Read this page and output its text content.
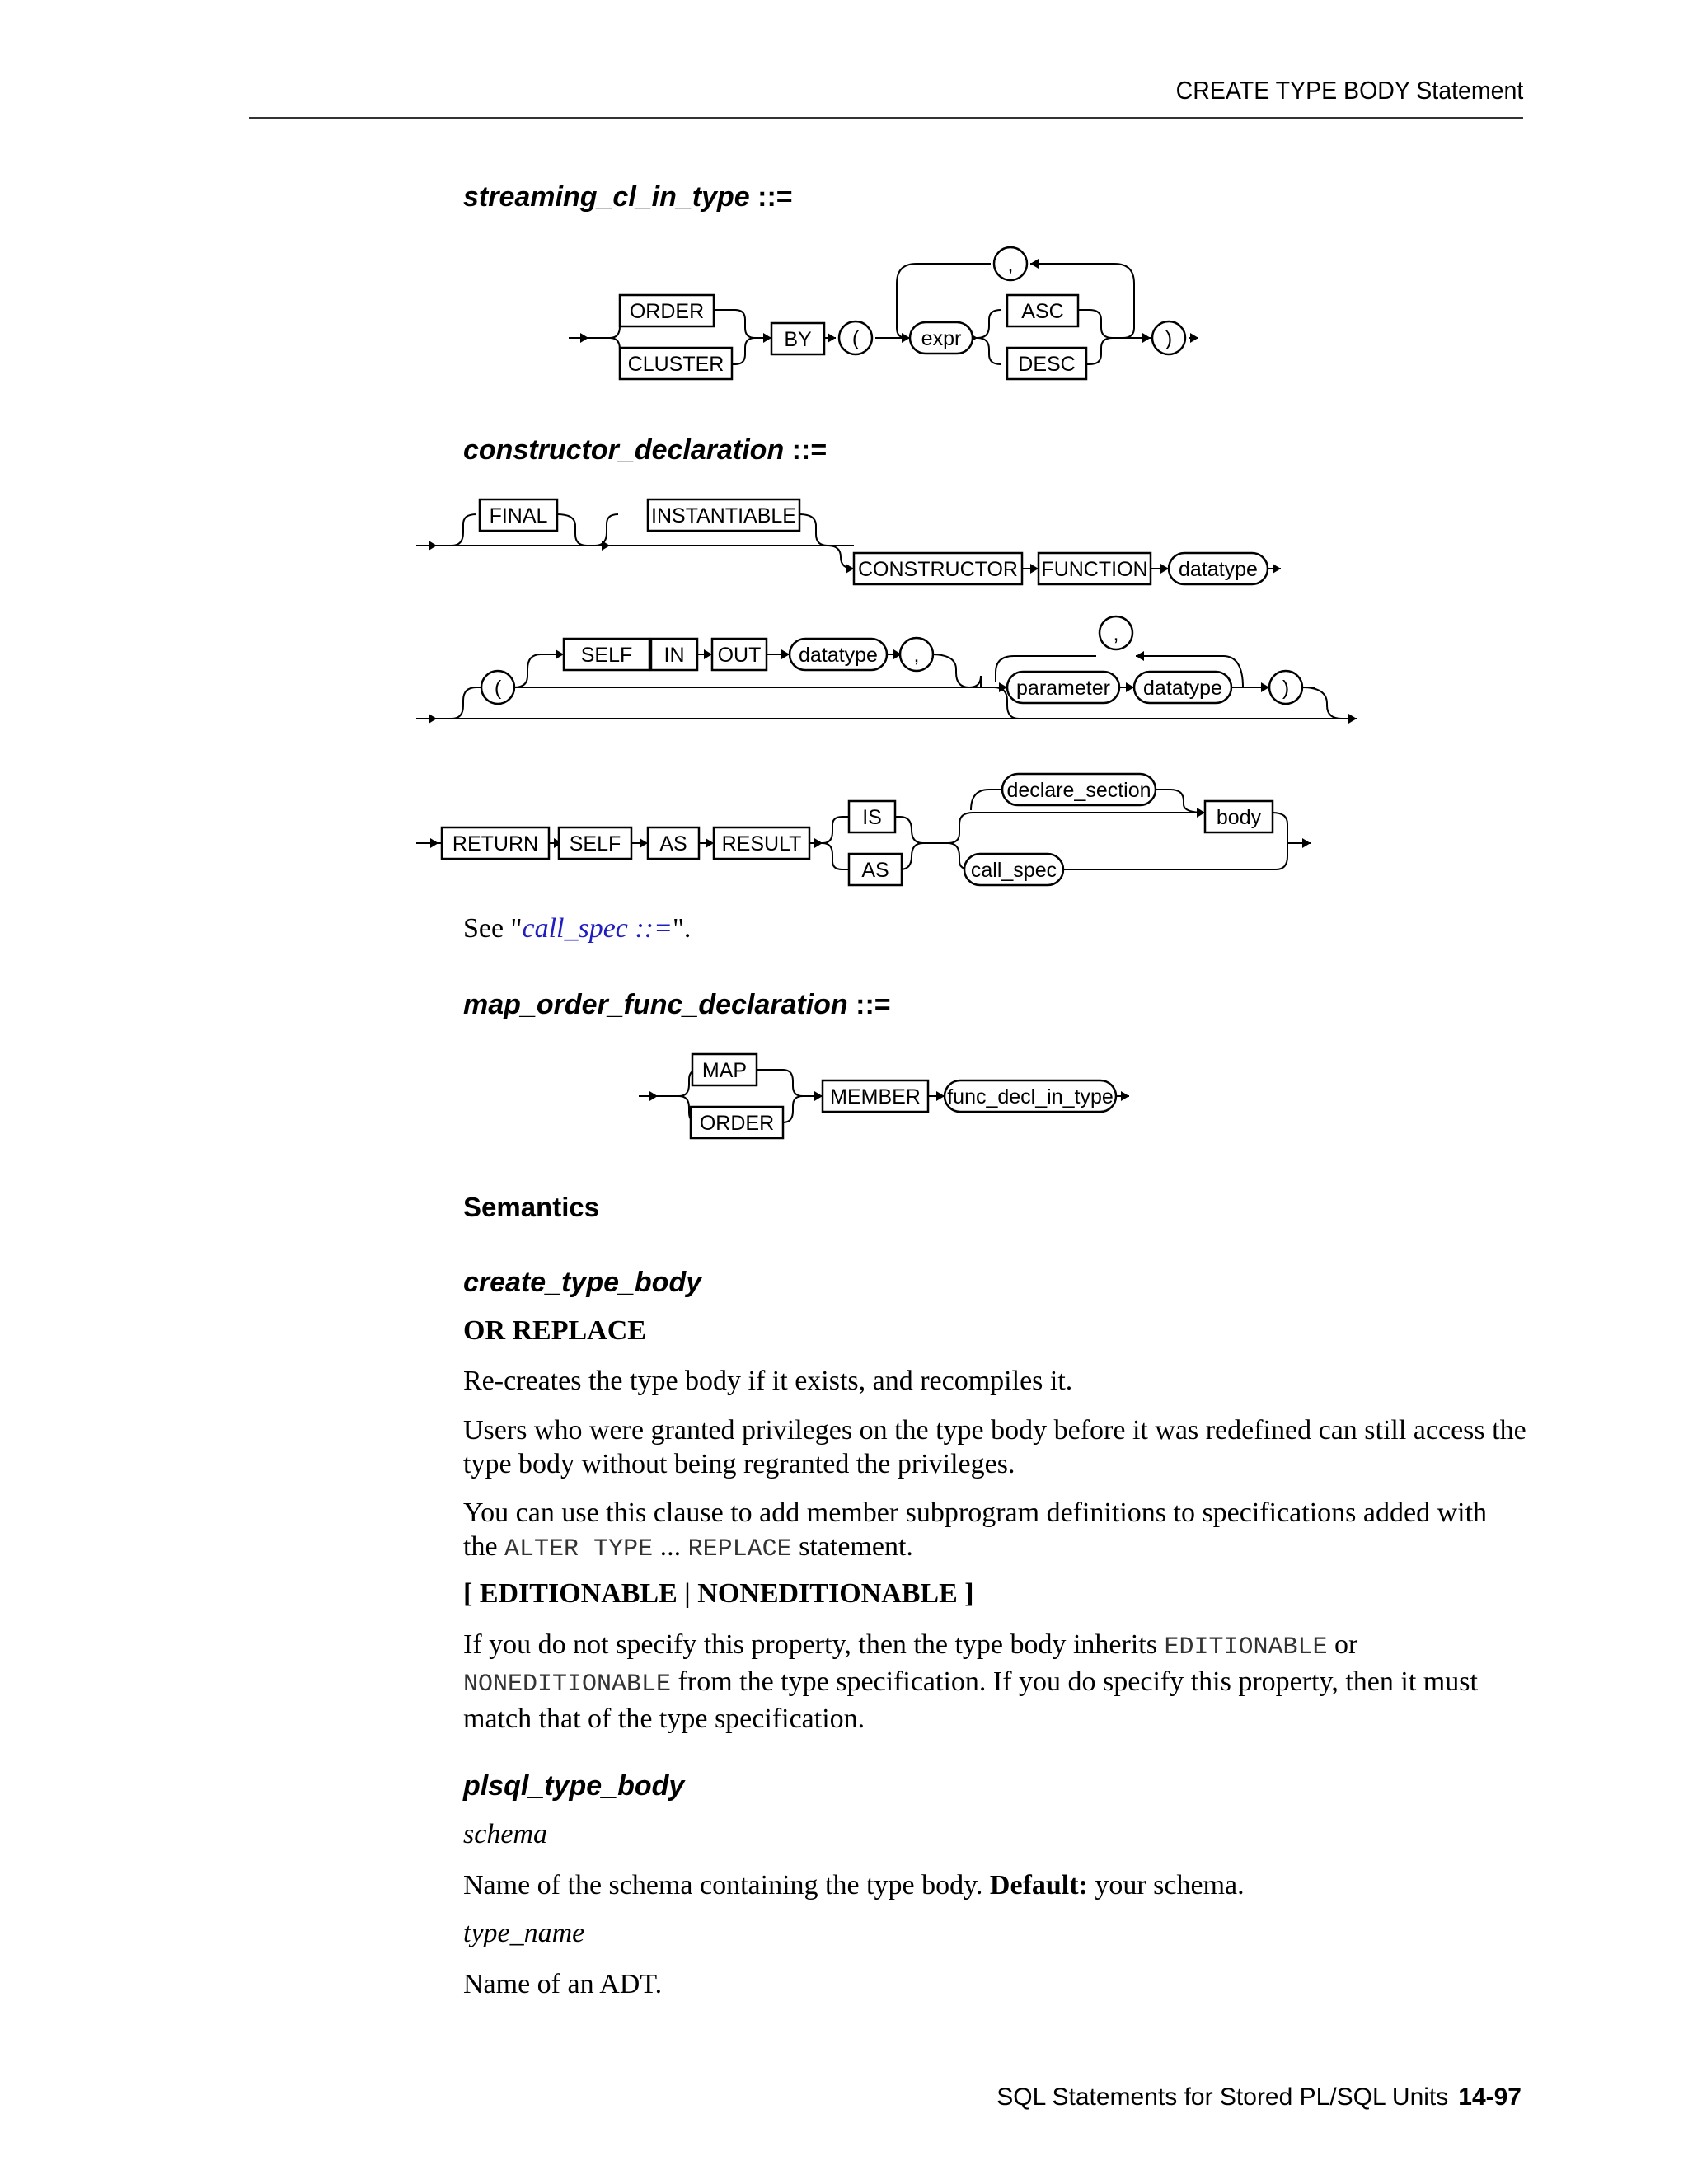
CREATE TYPE BODY Statement
streaming_cl_in_type ::=
ORDER
CLUSTER
BY (	expr
,
ASC
DESC
)
constructor_declaration ::=
FINAL	INSTANTIABLE
CONSTRUCTOR FUNCTION datatype
(
SELF IN OUT datatype ,
,
parameter datatype	)
RETURN SELF AS RESULT
IS
AS
declare_section
body
call_spec
See "call_spec ::=".
map_order_func_declaration ::=
MAP
ORDER
MEMBER func_decl_in_type
Semantics
create_type_body
OR REPLACE
Re-creates the type body if it exists, and recompiles it.
Users who were granted privileges on the type body before it was redefined can still access the type body without being regranted the privileges.
You can use this clause to add member subprogram definitions to specifications added with the ALTER TYPE ... REPLACE statement.
[ EDITIONABLE | NONEDITIONABLE ]
If you do not specify this property, then the type body inherits EDITIONABLE or NONEDITIONABLE from the type specification. If you do specify this property, then it must match that of the type specification.
plsql_type_body
schema
Name of the schema containing the type body. Default: your schema.
type_name
Name of an ADT.
SQL Statements for Stored PL/SQL Units 14-97
